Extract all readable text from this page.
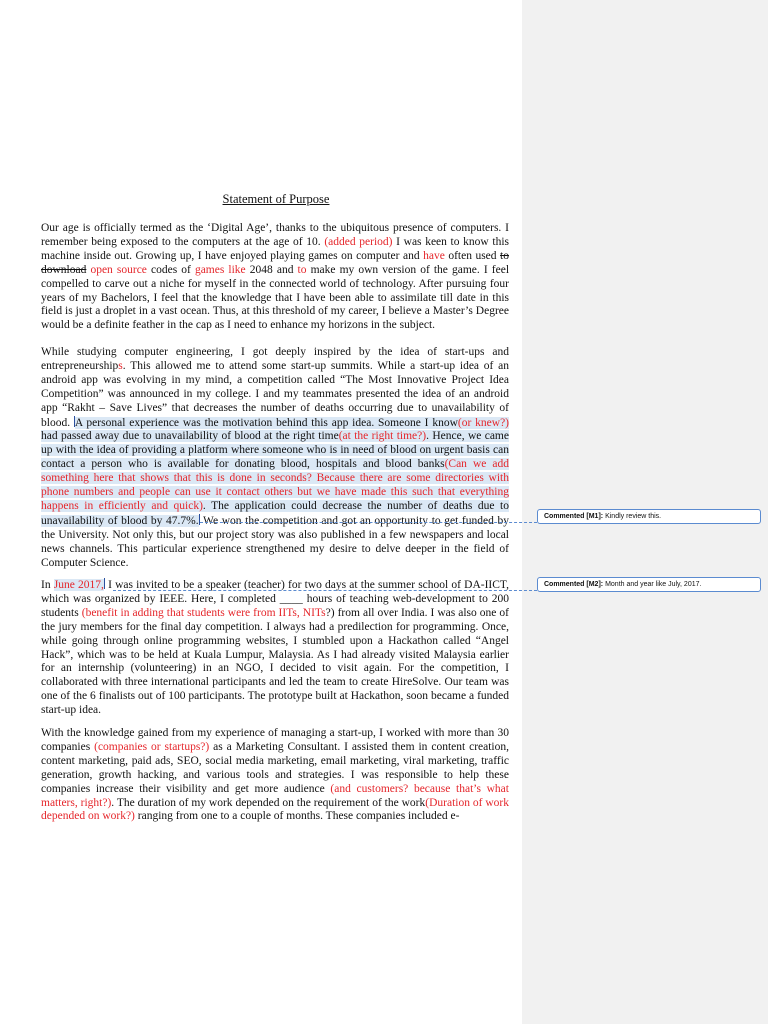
Statement of Purpose

Our age is officially termed as the ‘Digital Age’, thanks to the ubiquitous presence of computers. I remember being exposed to the computers at the age of 10. (added period) I was keen to know this machine inside out. Growing up, I have enjoyed playing games on computer and have often used to download open source codes of games like 2048 and to make my own version of the game. I feel compelled to carve out a niche for myself in the connected world of technology. After pursuing four years of my Bachelors, I feel that the knowledge that I have been able to assimilate till date in this field is just a droplet in a vast ocean. Thus, at this threshold of my career, I believe a Master’s Degree would be a definite feather in the cap as I need to enhance my horizons in the subject.

While studying computer engineering, I got deeply inspired by the idea of start-ups and entrepreneurships. This allowed me to attend some start-up summits. While a start-up idea of an android app was evolving in my mind, a competition called “The Most Innovative Project Idea Competition” was announced in my college. I and my teammates presented the idea of an android app “Rakht – Save Lives” that decreases the number of deaths occurring due to unavailability of blood. A personal experience was the motivation behind this app idea. Someone I know(or knew?) had passed away due to unavailability of blood at the right time(at the right time?). Hence, we came up with the idea of providing a platform where someone who is in need of blood on urgent basis can contact a person who is available for donating blood, hospitals and blood banks(Can we add something here that shows that this is done in seconds? Because there are some directories with phone numbers and people can use it contact others but we have made this such that everything happens in efficiently and quick). The application could decrease the number of deaths due to unavailability of blood by 47.7%. We won the competition and got an opportunity to get funded by the University. Not only this, but our project story was also published in a few newspapers and local news channels. This particular experience strengthened my desire to delve deeper in the field of Computer Science.

In June 2017, I was invited to be a speaker (teacher) for two days at the summer school of DA-IICT, which was organized by IEEE. Here, I completed ____ hours of teaching web-development to 200 students (benefit in adding that students were from IITs, NITs?) from all over India. I was also one of the jury members for the final day competition. I always had a predilection for programming. Once, while going through online programming websites, I stumbled upon a Hackathon called “Angel Hack”, which was to be held at Kuala Lumpur, Malaysia. As I had already visited Malaysia earlier for an internship (volunteering) in an NGO, I decided to visit again. For the competition, I collaborated with three international participants and led the team to create HireSolve. Our team was one of the 6 finalists out of 100 participants. The prototype built at Hackathon, soon became a funded start-up idea.

With the knowledge gained from my experience of managing a start-up, I worked with more than 30 companies (companies or startups?) as a Marketing Consultant. I assisted them in content creation, content marketing, paid ads, SEO, social media marketing, email marketing, viral marketing, traffic generation, growth hacking, and various tools and strategies. I was responsible to help these companies increase their visibility and get more audience (and customers? because that’s what matters, right?). The duration of my work depended on the requirement of the work(Duration of work depended on work?) ranging from one to a couple of months. These companies included e-

Commented [M1]: Kindly review this.
Commented [M2]: Month and year like July, 2017.
